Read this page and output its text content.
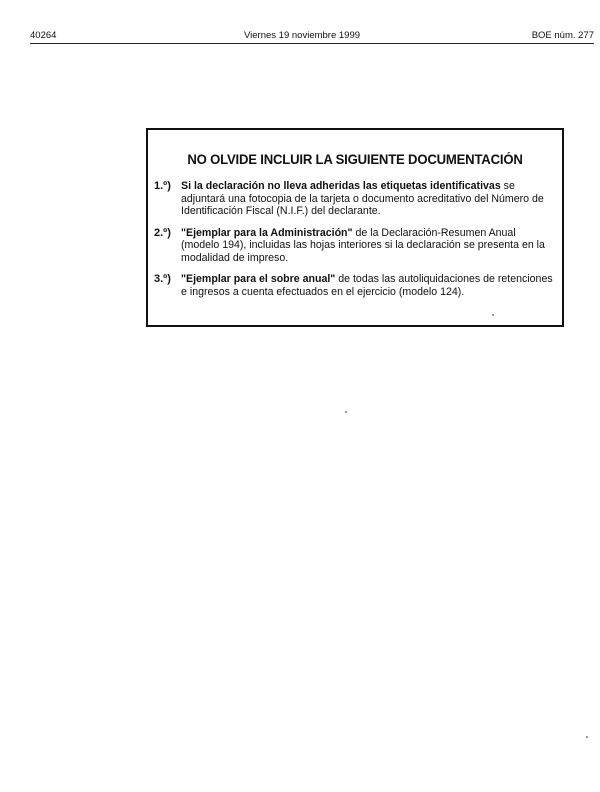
40264	Viernes 19 noviembre 1999	BOE núm. 277
NO OLVIDE INCLUIR LA SIGUIENTE DOCUMENTACIÓN
1.º) Si la declaración no lleva adheridas las etiquetas identificativas se adjuntará una fotocopia de la tarjeta o documento acreditativo del Número de Identificación Fiscal (N.I.F.) del declarante.
2.º) "Ejemplar para la Administración" de la Declaración-Resumen Anual (modelo 194), incluidas las hojas interiores si la declaración se presenta en la modalidad de impreso.
3.º) "Ejemplar para el sobre anual" de todas las autoliquidaciones de retenciones e ingresos a cuenta efectuados en el ejercicio (modelo 124).
